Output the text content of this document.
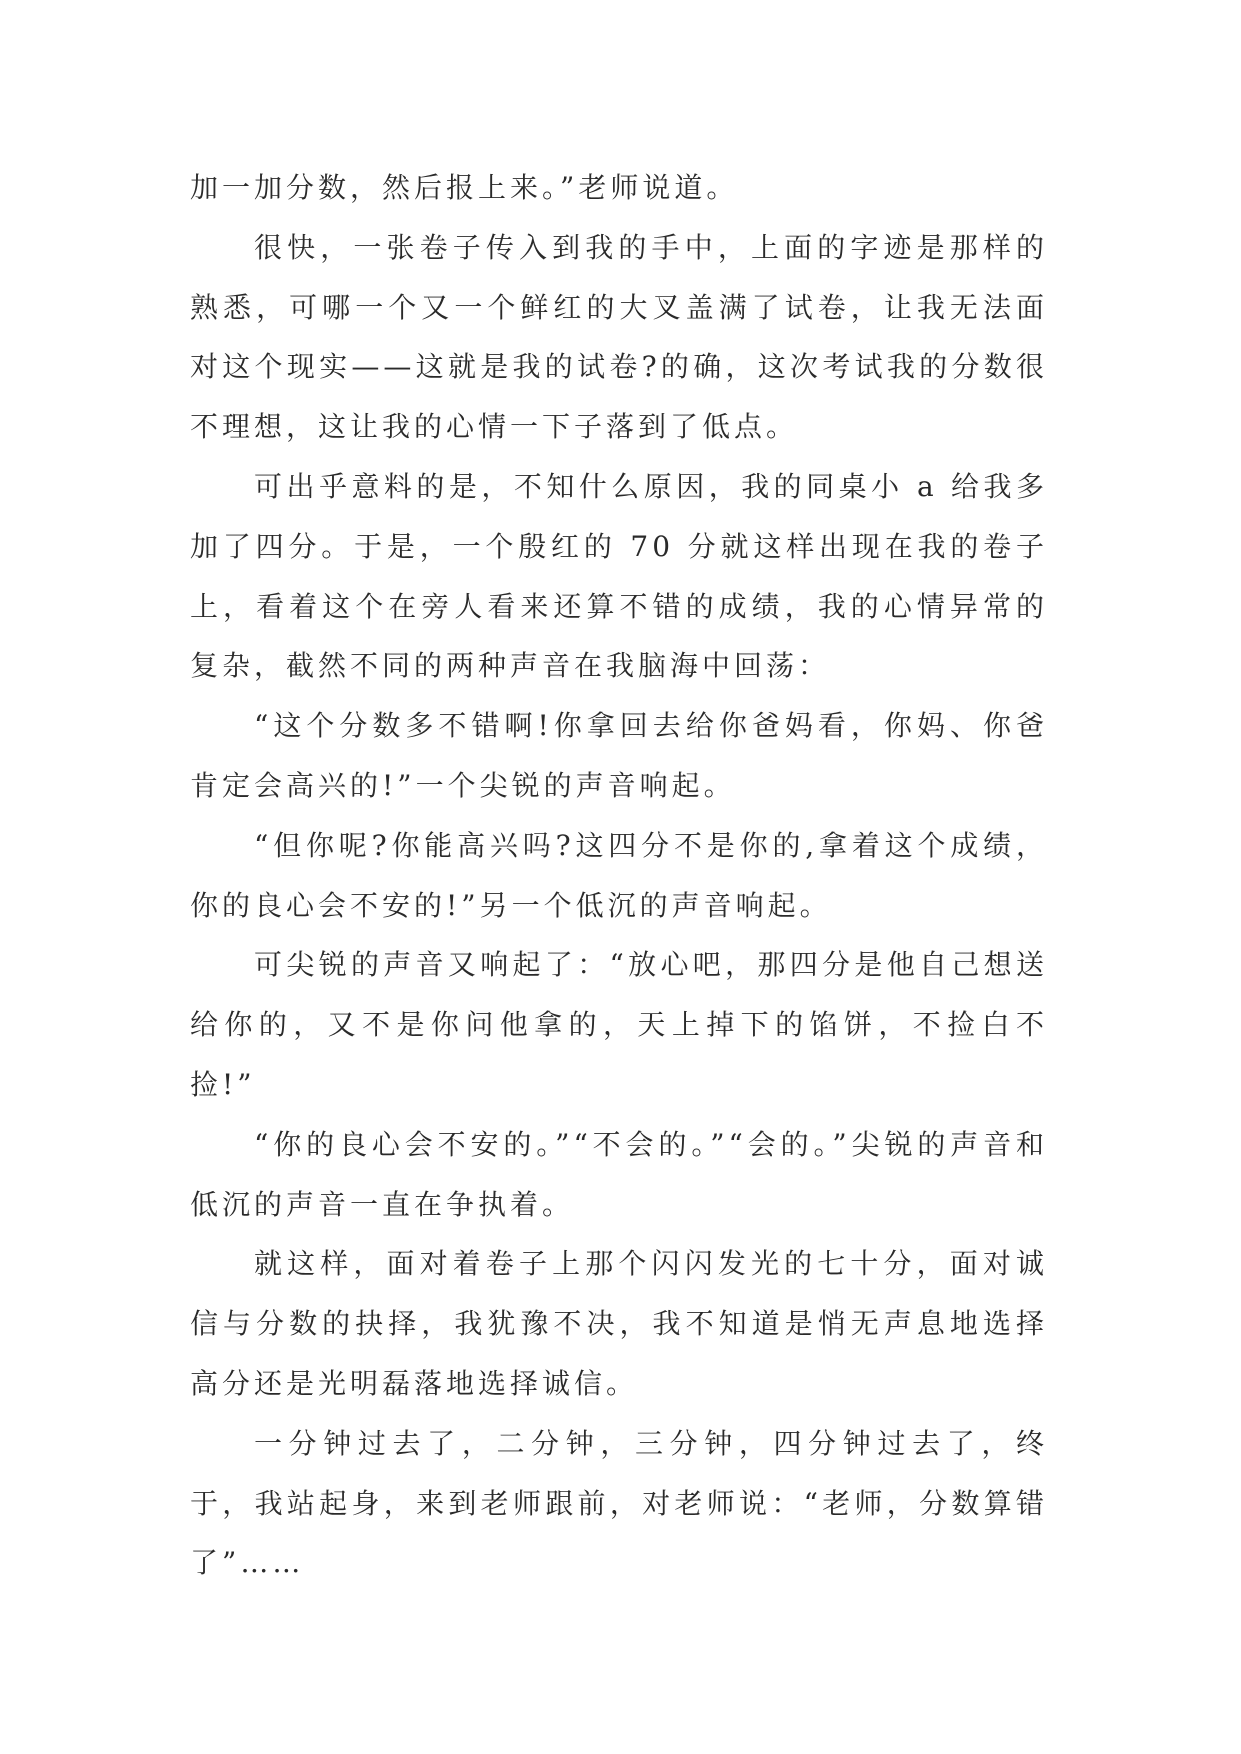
加一加分数，然后报上来。”老师说道。

很快，一张卷子传入到我的手中，上面的字迹是那样的熟悉，可哪一个又一个鲜红的大叉盖满了试卷，让我无法面对这个现实——这就是我的试卷?的确，这次考试我的分数很不理想，这让我的心情一下子落到了低点。

可出乎意料的是，不知什么原因，我的同桌小 a 给我多加了四分。于是，一个殷红的 70 分就这样出现在我的卷子上，看着这个在旁人看来还算不错的成绩，我的心情异常的复杂，截然不同的两种声音在我脑海中回荡：

“这个分数多不错啊!你拿回去给你爸妈看，你妈、你爸肯定会高兴的!”一个尖锐的声音响起。

“但你呢?你能高兴吗?这四分不是你的,拿着这个成绩，你的良心会不安的!”另一个低沉的声音响起。

可尖锐的声音又响起了：“放心吧，那四分是他自己想送给你的，又不是你问他拿的，天上掉下的馅饼，不捡白不捡!”

“你的良心会不安的。”“不会的。”“会的。”尖锐的声音和低沉的声音一直在争执着。

就这样，面对着卷子上那个闪闪发光的七十分，面对诚信与分数的抉择，我犹豫不决，我不知道是悄无声息地选择高分还是光明磊落地选择诚信。

一分钟过去了，二分钟，三分钟，四分钟过去了，终于，我站起身，来到老师跟前，对老师说：“老师，分数算错了”……
